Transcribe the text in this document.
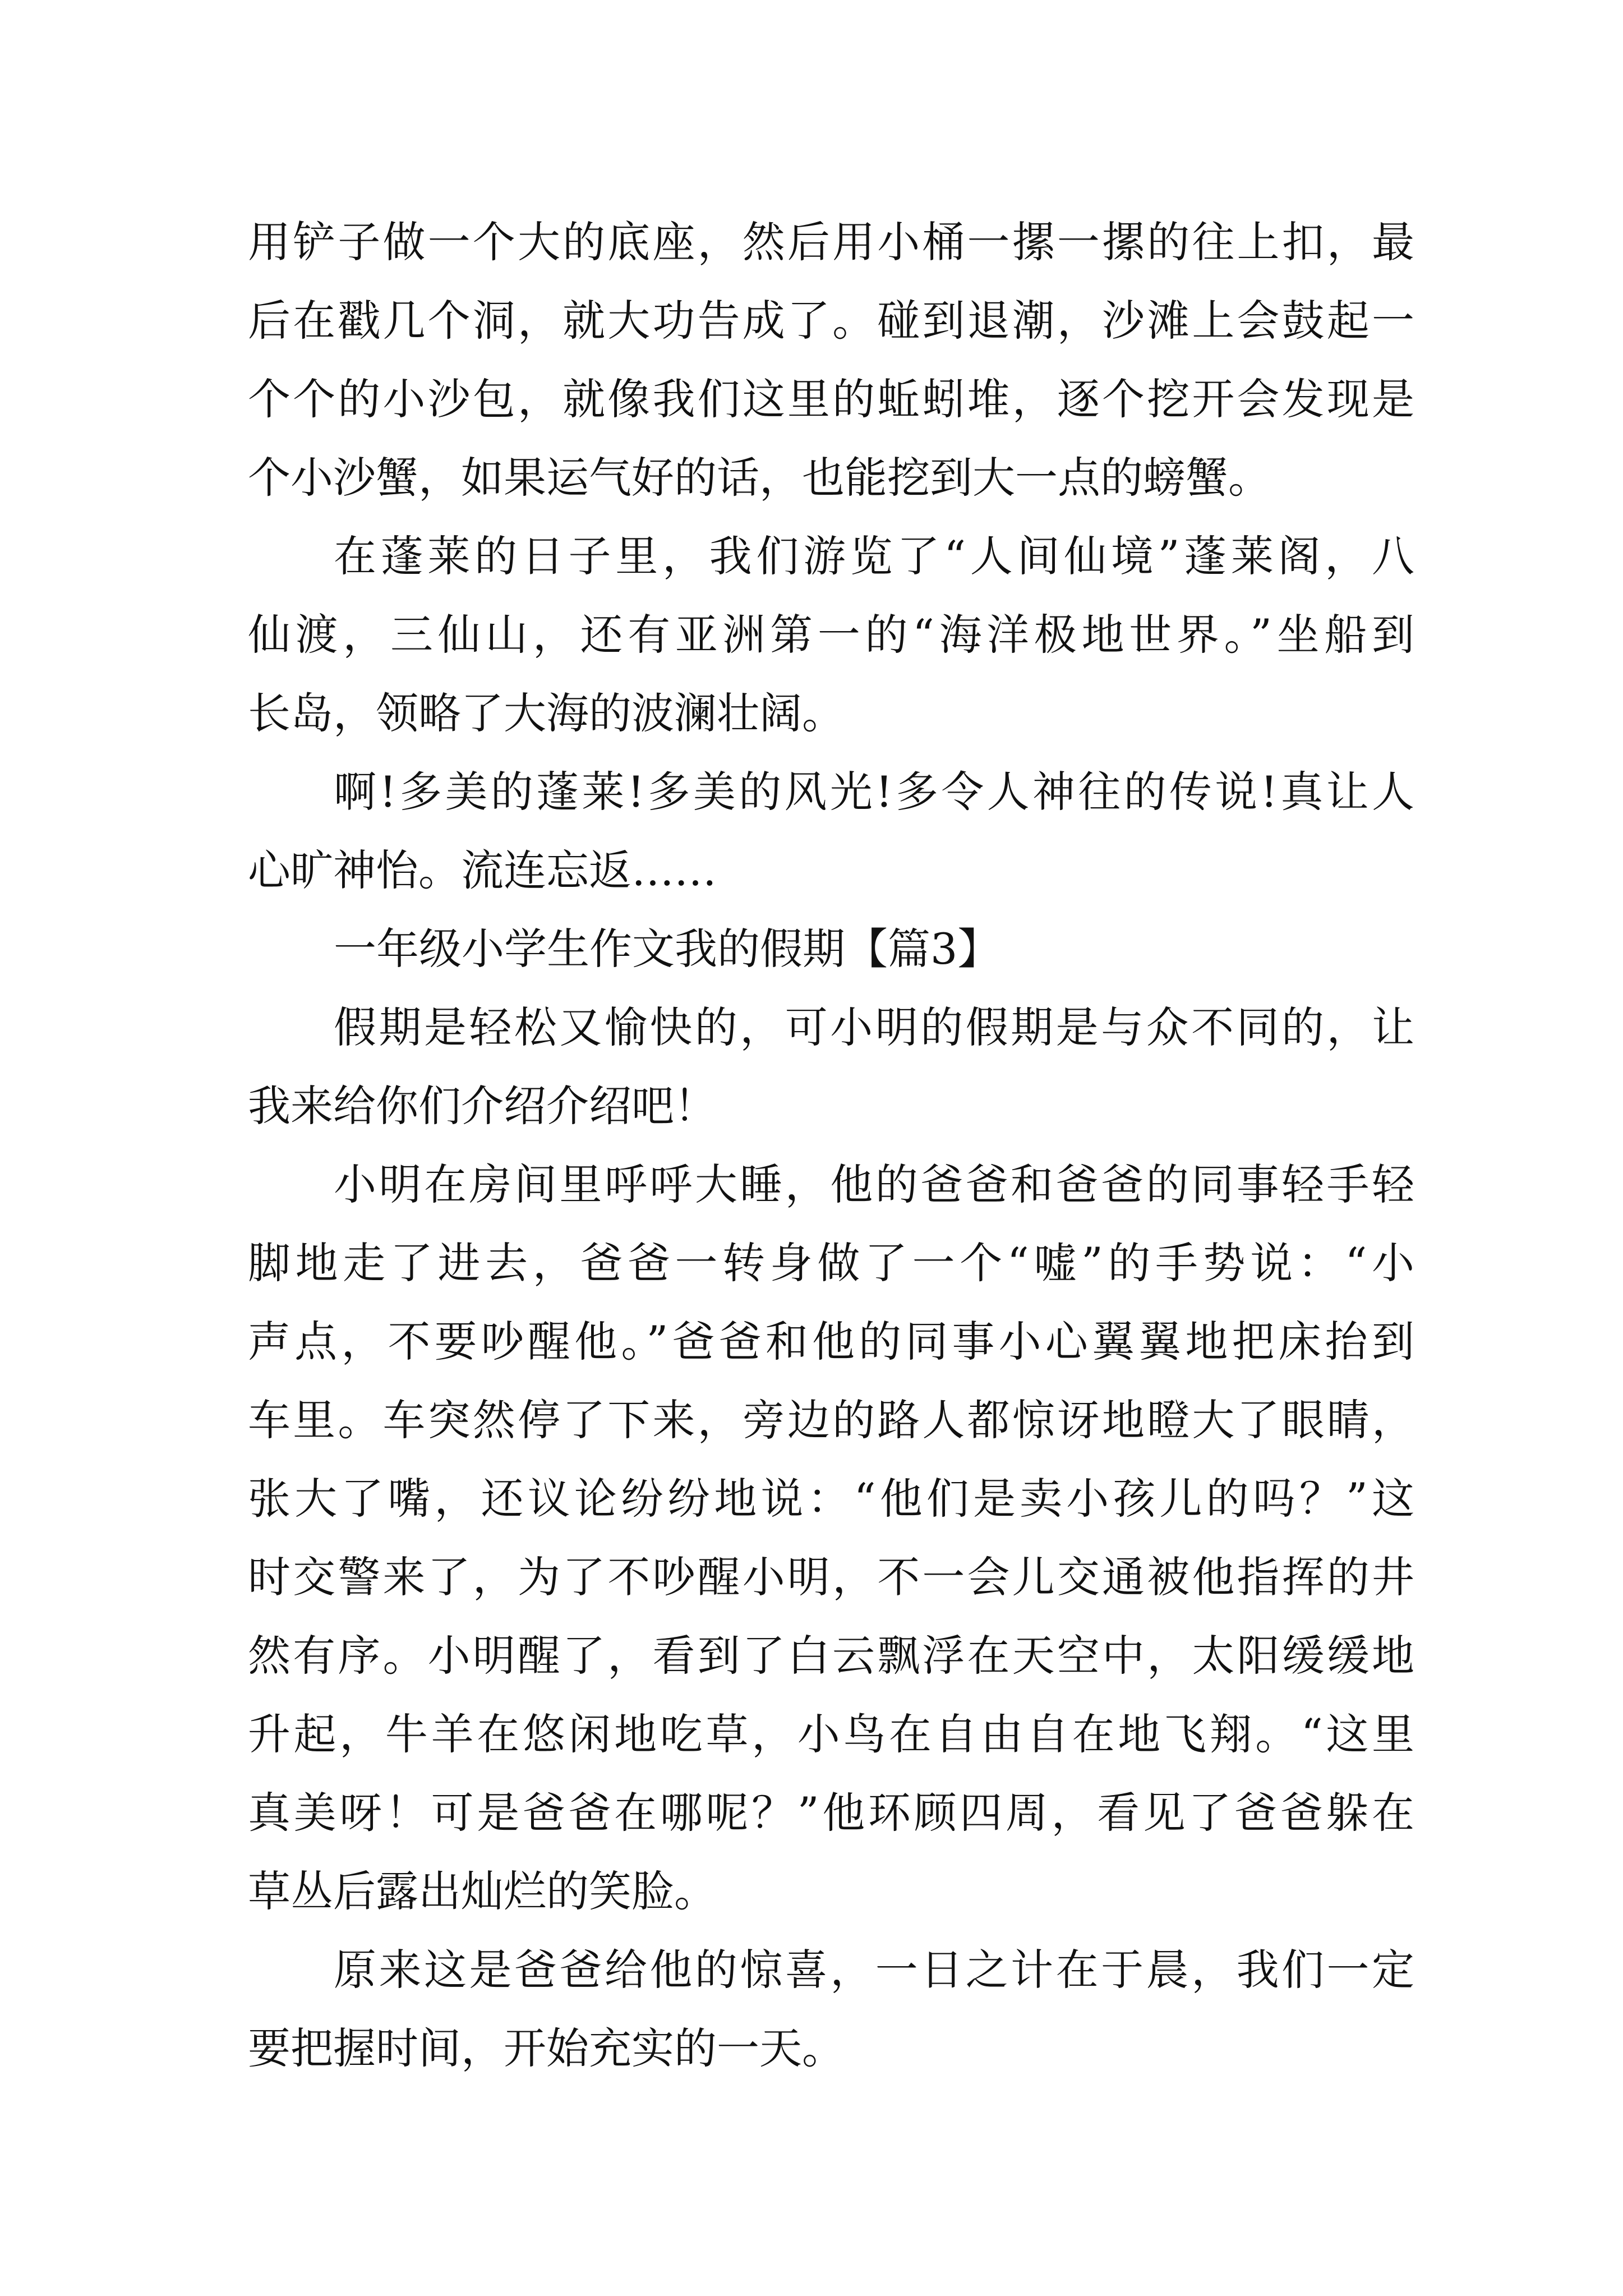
用铲子做一个大的底座，然后用小桶一摞一摞的往上扣，最
后在戳几个洞，就大功告成了。碰到退潮，沙滩上会鼓起一
个个的小沙包，就像我们这里的蚯蚓堆，逐个挖开会发现是
个小沙蟹，如果运气好的话，也能挖到大一点的螃蟹。
在蓬莱的日子里，我们游览了“人间仙境”蓬莱阁，八
仙渡，三仙山，还有亚洲第一的“海洋极地世界。”坐船到
长岛，领略了大海的波澜壮阔。
啊!多美的蓬莱!多美的风光!多令人神往的传说!真让人
心旷神怡。流连忘返……
一年级小学生作文我的假期【篇3】
假期是轻松又愉快的，可小明的假期是与众不同的，让
我来给你们介绍介绍吧！
小明在房间里呼呼大睡，他的爸爸和爸爸的同事轻手轻
脚地走了进去，爸爸一转身做了一个“嘘”的手势说：“小
声点，不要吵醒他。”爸爸和他的同事小心翼翼地把床抬到
车里。车突然停了下来，旁边的路人都惊讶地瞪大了眼睛，
张大了嘴，还议论纷纷地说：“他们是卖小孩儿的吗？”这
时交警来了，为了不吵醒小明，不一会儿交通被他指挥的井
然有序。小明醒了，看到了白云飘浮在天空中，太阳缓缓地
升起，牛羊在悠闲地吃草，小鸟在自由自在地飞翔。“这里
真美呀！可是爸爸在哪呢？”他环顾四周，看见了爸爸躲在
草丛后露出灿烂的笑脸。
原来这是爸爸给他的惊喜，一日之计在于晨，我们一定
要把握时间，开始充实的一天。
